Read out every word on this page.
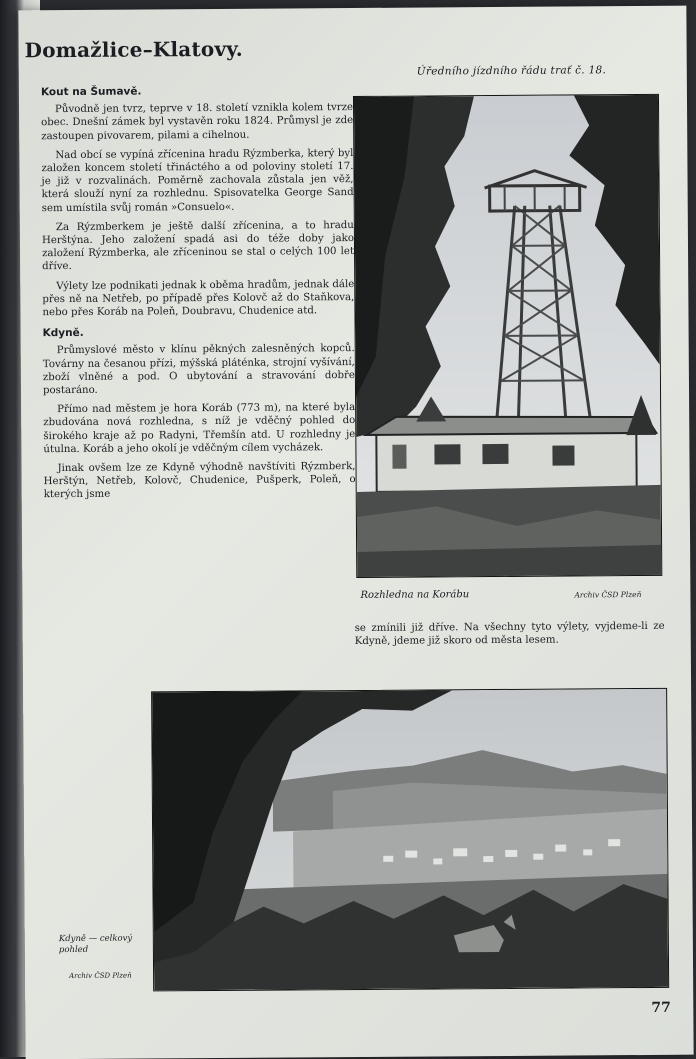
Domažlice–Klatovy.
Úředního jízdního řádu trať č. 18.
Kout na Šumavě.

Původně jen tvrz, teprve v 18. století vznikla kolem tvrze obec. Dnešní zámek byl vystavěn roku 1824. Průmysl je zde zastoupen pivovarem, pilami a cihelnou.

Nad obcí se vypíná zřícenina hradu Rýzmberka, který byl založen koncem století třináctého a od poloviny století 17. je již v rozvalinách. Poměrně zachovala zůstala jen věž, která slouží nyní za rozhlednu. Spisovatelka George Sand sem umístila svůj román »Consuelo«.

Za Rýzmberkem je ještě další zřícenina, a to hradu Herštýna. Jeho založení spadá asi do téže doby jako založení Rýzmberka, ale zříceninou se stal o celých 100 let dříve.

Výlety lze podnikati jednak k oběma hradům, jednak dále přes ně na Netřeb, po případě přes Kolovč až do Staňkova, nebo přes Koráb na Poleň, Doubravu, Chudenice atd.

Kdyně.

Průmyslové město v klínu pěkných zalesněných kopců. Továrny na česanou přízi, mýšská pláténka, strojní vyšívání, zboží vlněné a pod. O ubytování a stravování dobře postaráno.

Přímo nad městem je hora Koráb (773 m), na které byla zbudována nová rozhledna, s níž je vděčný pohled do širokého kraje až po Radyni, Třemšín atd. U rozhledny je útulna. Koráb a jeho okolí je vděčným cílem vycházek.

Jinak ovšem lze ze Kdyně výhodně navštíviti Rýzmberk, Herštýn, Netřeb, Kolovč, Chudenice, Pušperk, Poleň, o kterých jsme

Rozhledna na Korábu	Archiv ČSD Plzeň

se zmínili již dříve. Na všechny tyto výlety, vyjdeme-li ze Kdyně, jdeme již skoro od města lesem.

Kdyně — celkový pohled
Archiv ČSD Plzeň
77
